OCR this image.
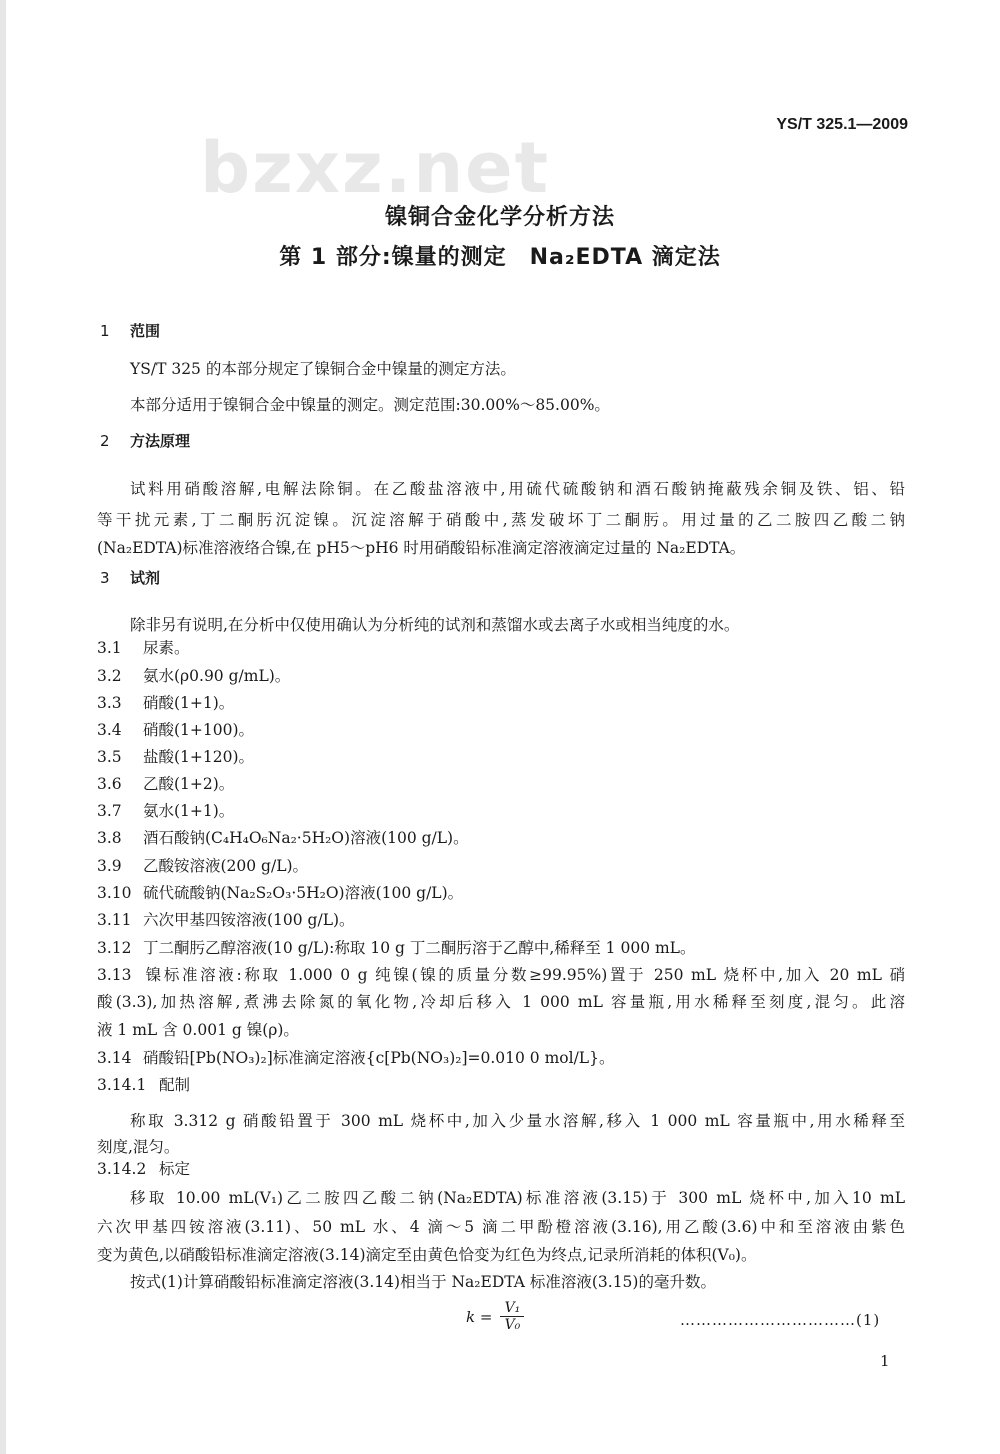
bzxz.net
YS/T 325.1—2009
镍铜合金化学分析方法
第 1 部分:镍量的测定　Na₂EDTA 滴定法
1 范围
YS/T 325 的本部分规定了镍铜合金中镍量的测定方法。
本部分适用于镍铜合金中镍量的测定。测定范围:30.00%～85.00%。
2 方法原理
试料用硝酸溶解,电解法除铜。在乙酸盐溶液中,用硫代硫酸钠和酒石酸钠掩蔽残余铜及铁、铝、铅
等干扰元素,丁二酮肟沉淀镍。沉淀溶解于硝酸中,蒸发破坏丁二酮肟。用过量的乙二胺四乙酸二钠
(Na₂EDTA)标准溶液络合镍,在 pH5～pH6 时用硝酸铅标准滴定溶液滴定过量的 Na₂EDTA。
3 试剂
除非另有说明,在分析中仅使用确认为分析纯的试剂和蒸馏水或去离子水或相当纯度的水。
3.1 尿素。
3.2 氨水(ρ0.90 g/mL)。
3.3 硝酸(1+1)。
3.4 硝酸(1+100)。
3.5 盐酸(1+120)。
3.6 乙酸(1+2)。
3.7 氨水(1+1)。
3.8 酒石酸钠(C₄H₄O₆Na₂·5H₂O)溶液(100 g/L)。
3.9 乙酸铵溶液(200 g/L)。
3.10 硫代硫酸钠(Na₂S₂O₃·5H₂O)溶液(100 g/L)。
3.11 六次甲基四铵溶液(100 g/L)。
3.12 丁二酮肟乙醇溶液(10 g/L):称取 10 g 丁二酮肟溶于乙醇中,稀释至 1 000 mL。
3.13 镍标准溶液:称取 1.000 0 g 纯镍(镍的质量分数≥99.95%)置于 250 mL 烧杯中,加入 20 mL 硝
酸(3.3),加热溶解,煮沸去除氮的氧化物,冷却后移入 1 000 mL 容量瓶,用水稀释至刻度,混匀。此溶
液 1 mL 含 0.001 g 镍(ρ)。
3.14 硝酸铅[Pb(NO₃)₂]标准滴定溶液{c[Pb(NO₃)₂]=0.010 0 mol/L}。
3.14.1 配制
称取 3.312 g 硝酸铅置于 300 mL 烧杯中,加入少量水溶解,移入 1 000 mL 容量瓶中,用水稀释至
刻度,混匀。
3.14.2 标定
移取 10.00 mL(V₁)乙二胺四乙酸二钠(Na₂EDTA)标准溶液(3.15)于 300 mL 烧杯中,加入10 mL
六次甲基四铵溶液(3.11)、50 mL 水、4 滴～5 滴二甲酚橙溶液(3.16),用乙酸(3.6)中和至溶液由紫色
变为黄色,以硝酸铅标准滴定溶液(3.14)滴定至由黄色恰变为红色为终点,记录所消耗的体积(V₀)。
按式(1)计算硝酸铅标准滴定溶液(3.14)相当于 Na₂EDTA 标准溶液(3.15)的毫升数。
$k = \frac{\text{V₁}}{\text{V₀}}$	……………………………(1)
1
